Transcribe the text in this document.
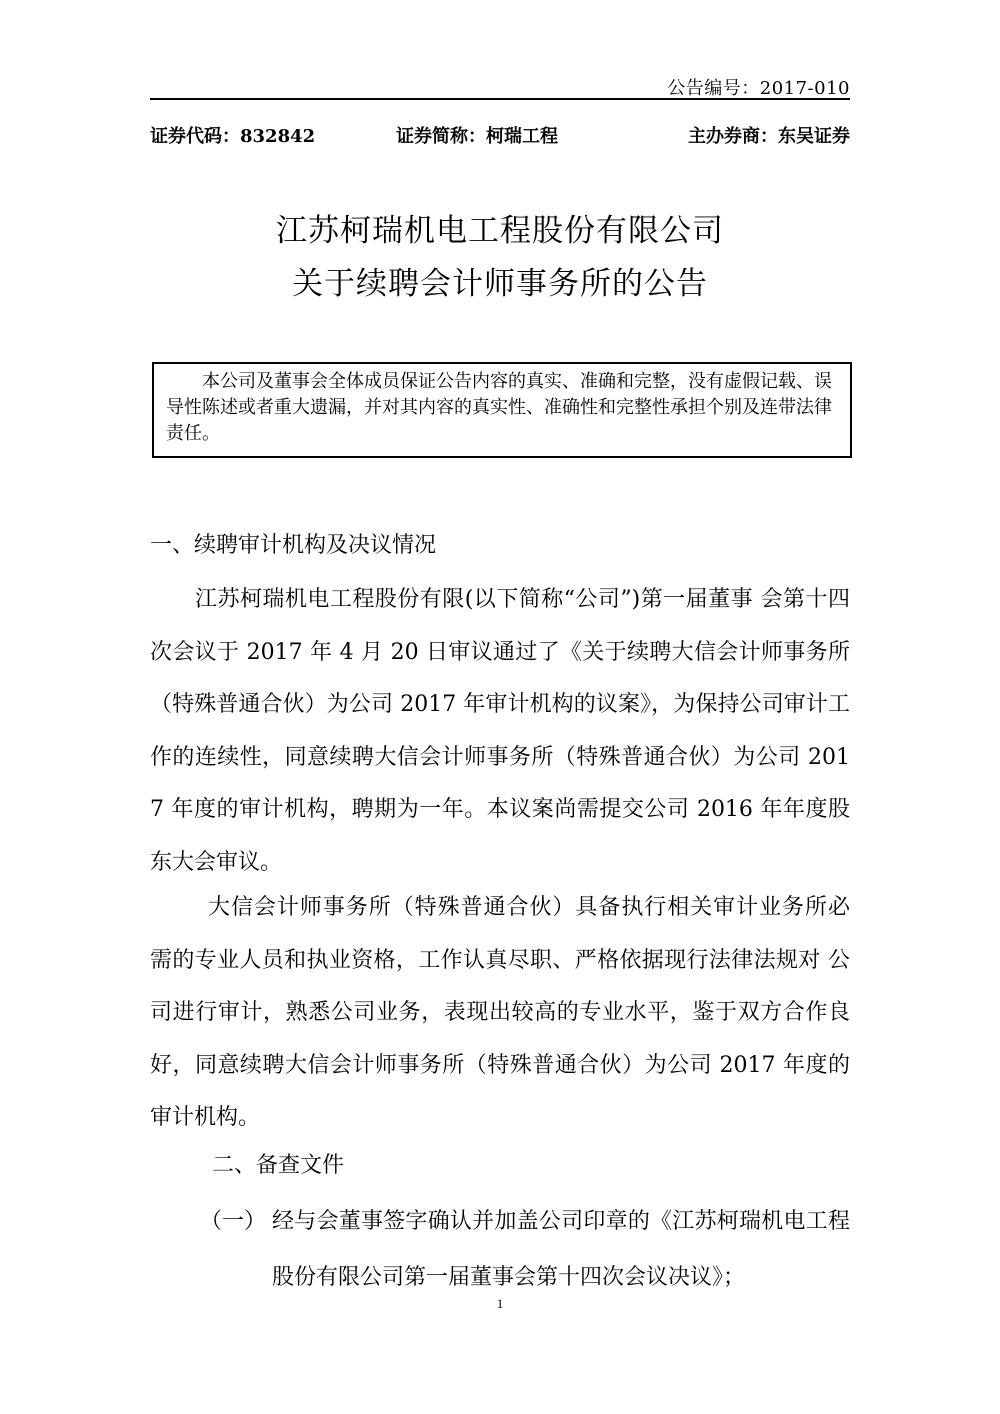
公告编号：2017-010
证券代码：832842	证券简称：柯瑞工程	主办券商：东吴证券
江苏柯瑞机电工程股份有限公司
关于续聘会计师事务所的公告
本公司及董事会全体成员保证公告内容的真实、准确和完整，没有虚假记载、误导性陈述或者重大遗漏，并对其内容的真实性、准确性和完整性承担个别及连带法律责任。
一、续聘审计机构及决议情况
江苏柯瑞机电工程股份有限(以下简称“公司”)第一届董事 会第十四次会议于 2017 年 4 月 20 日审议通过了《关于续聘大信会计师事务所（特殊普通合伙）为公司 2017 年审计机构的议案》，为保持公司审计工作的连续性，同意续聘大信会计师事务所（特殊普通合伙）为公司 2017 年度的审计机构，聘期为一年。本议案尚需提交公司 2016 年年度股东大会审议。
大信会计师事务所（特殊普通合伙）具备执行相关审计业务所必 需的专业人员和执业资格，工作认真尽职、严格依据现行法律法规对 公司进行审计，熟悉公司业务，表现出较高的专业水平，鉴于双方合作良好，同意续聘大信会计师事务所（特殊普通合伙）为公司 2017 年度的审计机构。
二、备查文件
（一） 经与会董事签字确认并加盖公司印章的《江苏柯瑞机电工程股份有限公司第一届董事会第十四次会议决议》；
1
